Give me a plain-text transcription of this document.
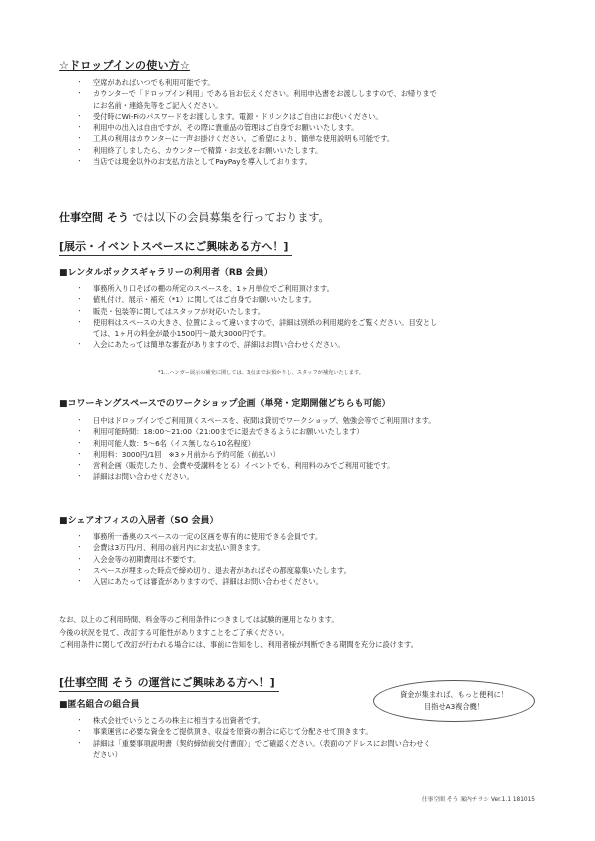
☆ドロップインの使い方☆
・ 空席があればいつでも利用可能です。
・ カウンターで「ドロップイン利用」である旨お伝えください。利用申込書をお渡ししますので、お帰りまで
にお名前・連絡先等をご記入ください。
・ 受付時にWi-Fiのパスワードをお渡しします。電源・ドリンクはご自由にお使いください。
・ 利用中の出入は自由ですが、その際に貴重品の管理はご自身でお願いいたします。
・ 工具の利用はカウンターに一声お掛けください。ご希望により、簡単な使用説明も可能です。
・ 利用終了しましたら、カウンターで精算・お支払をお願いいたします。
・ 当店では現金以外のお支払方法としてPayPayを導入しております。
仕事空間 そう では以下の会員募集を行っております。
[展示・イベントスペースにご興味ある方へ！]
■レンタルボックスギャラリーの利用者（RB 会員）
・ 事務所入り口そばの棚の所定のスペースを、1ヶ月単位でご利用頂けます。
・ 値札付け、展示・補充（*1）に関してはご自身でお願いいたします。
・ 販売・包装等に関してはスタッフが対応いたします。
・ 使用料はスペースの大きさ、位置によって違いますので、詳細は別紙の利用規約をご覧ください。目安とし
ては、1ヶ月の料金が最小1500円〜最大3000円です。
・ 入会にあたっては簡単な審査がありますので、詳細はお問い合わせください。
*1…ハンガー展示の補充に関しては、3点までお預かりし、スタッフが補充いたします。
■コワーキングスペースでのワークショップ企画（単発・定期開催どちらも可能）
・ 日中はドロップインでご利用頂くスペースを、夜間は貸切でワークショップ、勉強会等でご利用頂けます。
・ 利用可能時間：18:00〜21:00（21:00までに退去できるようにお願いいたします）
・ 利用可能人数：5〜6名（イス無しなら10名程度）
・ 利用料：3000円/1回　※3ヶ月前から予約可能（前払い）
・ 営利企画（販売したり、会費や受講料をとる）イベントでも、利用料のみでご利用可能です。
・ 詳細はお問い合わせください。
■シェアオフィスの入居者（SO 会員）
・ 事務所一番奥のスペースの一定の区画を専有的に使用できる会員です。
・ 会費は3万円/月、利用の前月内にお支払い頂きます。
・ 入会金等の初期費用は不要です。
・ スペースが埋まった時点で締め切り、退去者があればその都度募集いたします。
・ 入居にあたっては審査がありますので、詳細はお問い合わせください。
なお、以上のご利用時間、料金等のご利用条件につきましては試験的運用となります。
今後の状況を見て、改訂する可能性がありますことをご了承ください。
ご利用条件に関して改訂が行われる場合には、事前に告知をし、利用者様が判断できる期間を充分に設けます。
[仕事空間 そう の運営にご興味ある方へ！]
資金が集まれば、もっと便利に！
目指せA3複合機！
■匿名組合の組合員
・ 株式会社でいうところの株主に相当する出資者です。
・ 事業運営に必要な資金をご提供頂き、収益を原資の割合に応じて分配させて頂きます。
・ 詳細は「重要事項説明書（契約締結前交付書面）」でご確認ください。（表面のアドレスにお問い合わせく
ださい）
仕事空間 そう 案内チラシ Ver.1.1 181015
